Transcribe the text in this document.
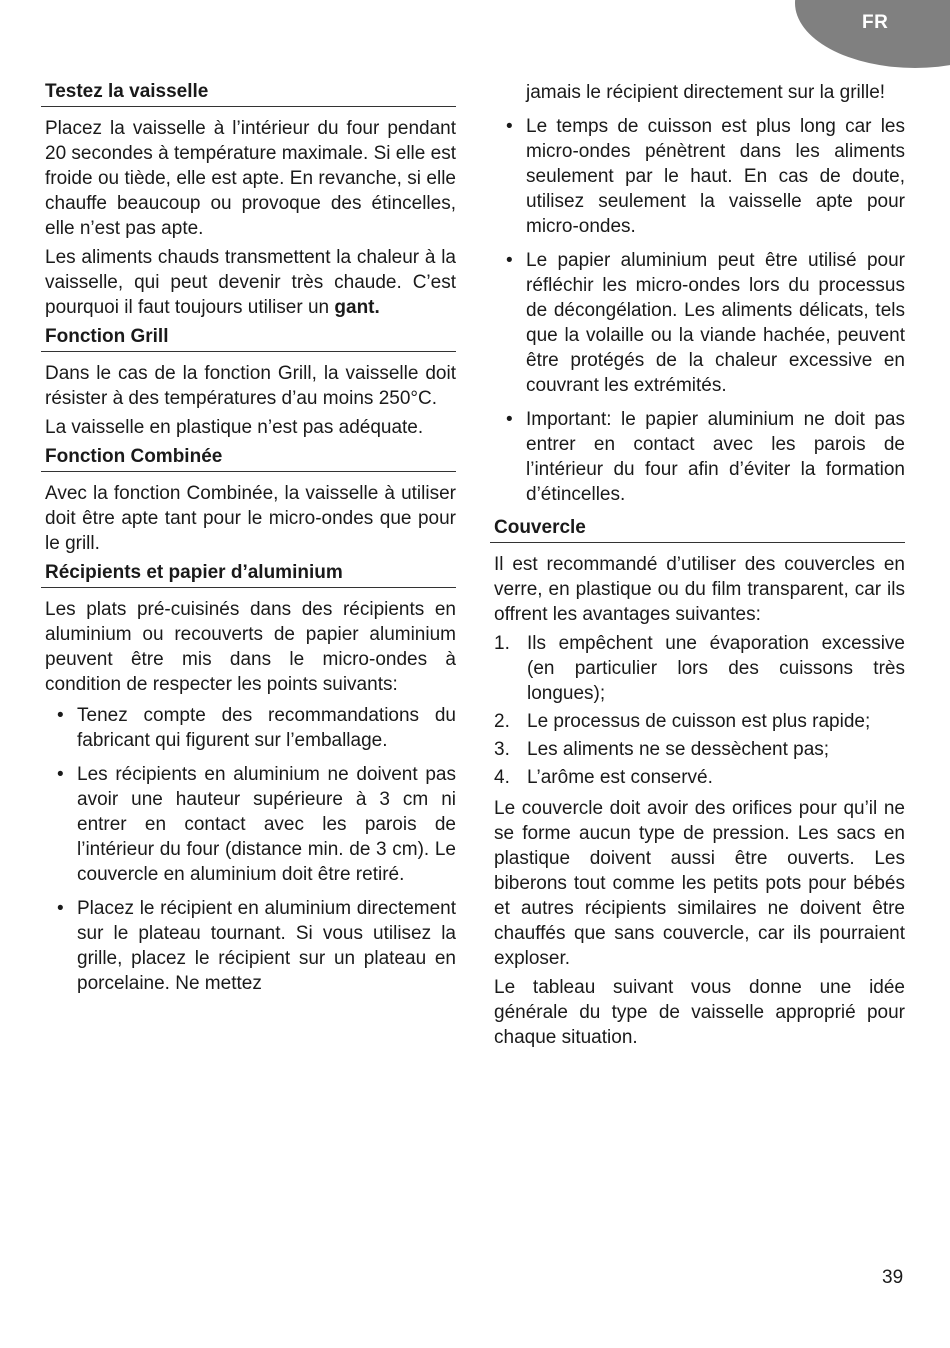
FR
Testez la vaisselle

Placez la vaisselle à l’intérieur du four pendant 20 secondes à température maximale. Si elle est froide ou tiède, elle est apte. En revanche, si elle chauffe beaucoup ou provoque des étincelles, elle n’est pas apte.

Les aliments chauds transmettent la chaleur à la vaisselle, qui peut devenir très chaude. C’est pourquoi il faut toujours utiliser un gant.

Fonction Grill

Dans le cas de la fonction Grill, la vaisselle doit résister à des températures d’au moins 250°C.

La vaisselle en plastique n’est pas adéquate.

Fonction Combinée

Avec la fonction Combinée, la vaisselle à utiliser doit être apte tant pour le micro-ondes que pour le grill.

Récipients et papier d’aluminium

Les plats pré-cuisinés dans des récipients en aluminium ou recouverts de papier aluminium peuvent être mis dans le micro-ondes à condition de respecter les points suivants:

• Tenez compte des recommandations du fabricant qui figurent sur l’emballage.
• Les récipients en aluminium ne doivent pas avoir une hauteur supérieure à 3 cm ni entrer en contact avec les parois de l’intérieur du four (distance min. de 3 cm). Le couvercle en aluminium doit être retiré.
• Placez le récipient en aluminium directement sur le plateau tournant. Si vous utilisez la grille, placez le récipient sur un plateau en porcelaine. Ne mettez
jamais le récipient directement sur la grille!
• Le temps de cuisson est plus long car les micro-ondes pénètrent dans les aliments seulement par le haut. En cas de doute, utilisez seulement la vaisselle apte pour micro-ondes.
• Le papier aluminium peut être utilisé pour réfléchir les micro-ondes lors du processus de décongélation. Les aliments délicats, tels que la volaille ou la viande hachée, peuvent être protégés de la chaleur excessive en couvrant les extrémités.
• Important: le papier aluminium ne doit pas entrer en contact avec les parois de l’intérieur du four afin d’éviter la formation d’étincelles.
Couvercle

Il est recommandé d’utiliser des couvercles en verre, en plastique ou du film transparent, car ils offrent les avantages suivantes:

1. Ils empêchent une évaporation excessive (en particulier lors des cuissons très longues);
2. Le processus de cuisson est plus rapide;
3. Les aliments ne se dessèchent pas;
4. L’arôme est conservé.

Le couvercle doit avoir des orifices pour qu’il ne se forme aucun type de pression. Les sacs en plastique doivent aussi être ouverts. Les biberons tout comme les petits pots pour bébés et autres récipients similaires ne doivent être chauffés que sans couvercle, car ils pourraient exploser.

Le tableau suivant vous donne une idée générale du type de vaisselle approprié pour chaque situation.

39
